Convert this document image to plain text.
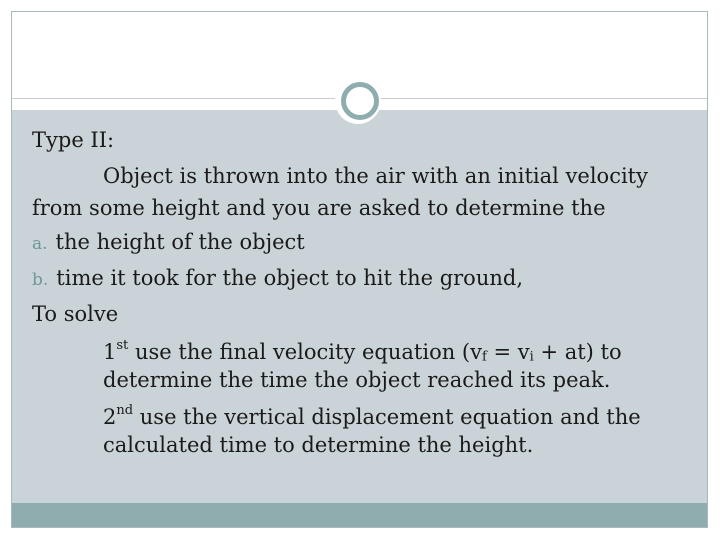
Type II:
Object is thrown into the air with an initial velocity
from some height and you are asked to determine the
a. the height of the object
b. time it took for the object to hit the ground,
To solve
1st use the final velocity equation $(v_f = v_i + at)$ to
determine the time the object reached its peak.
2nd use the vertical displacement equation and the
calculated time to determine the height.
